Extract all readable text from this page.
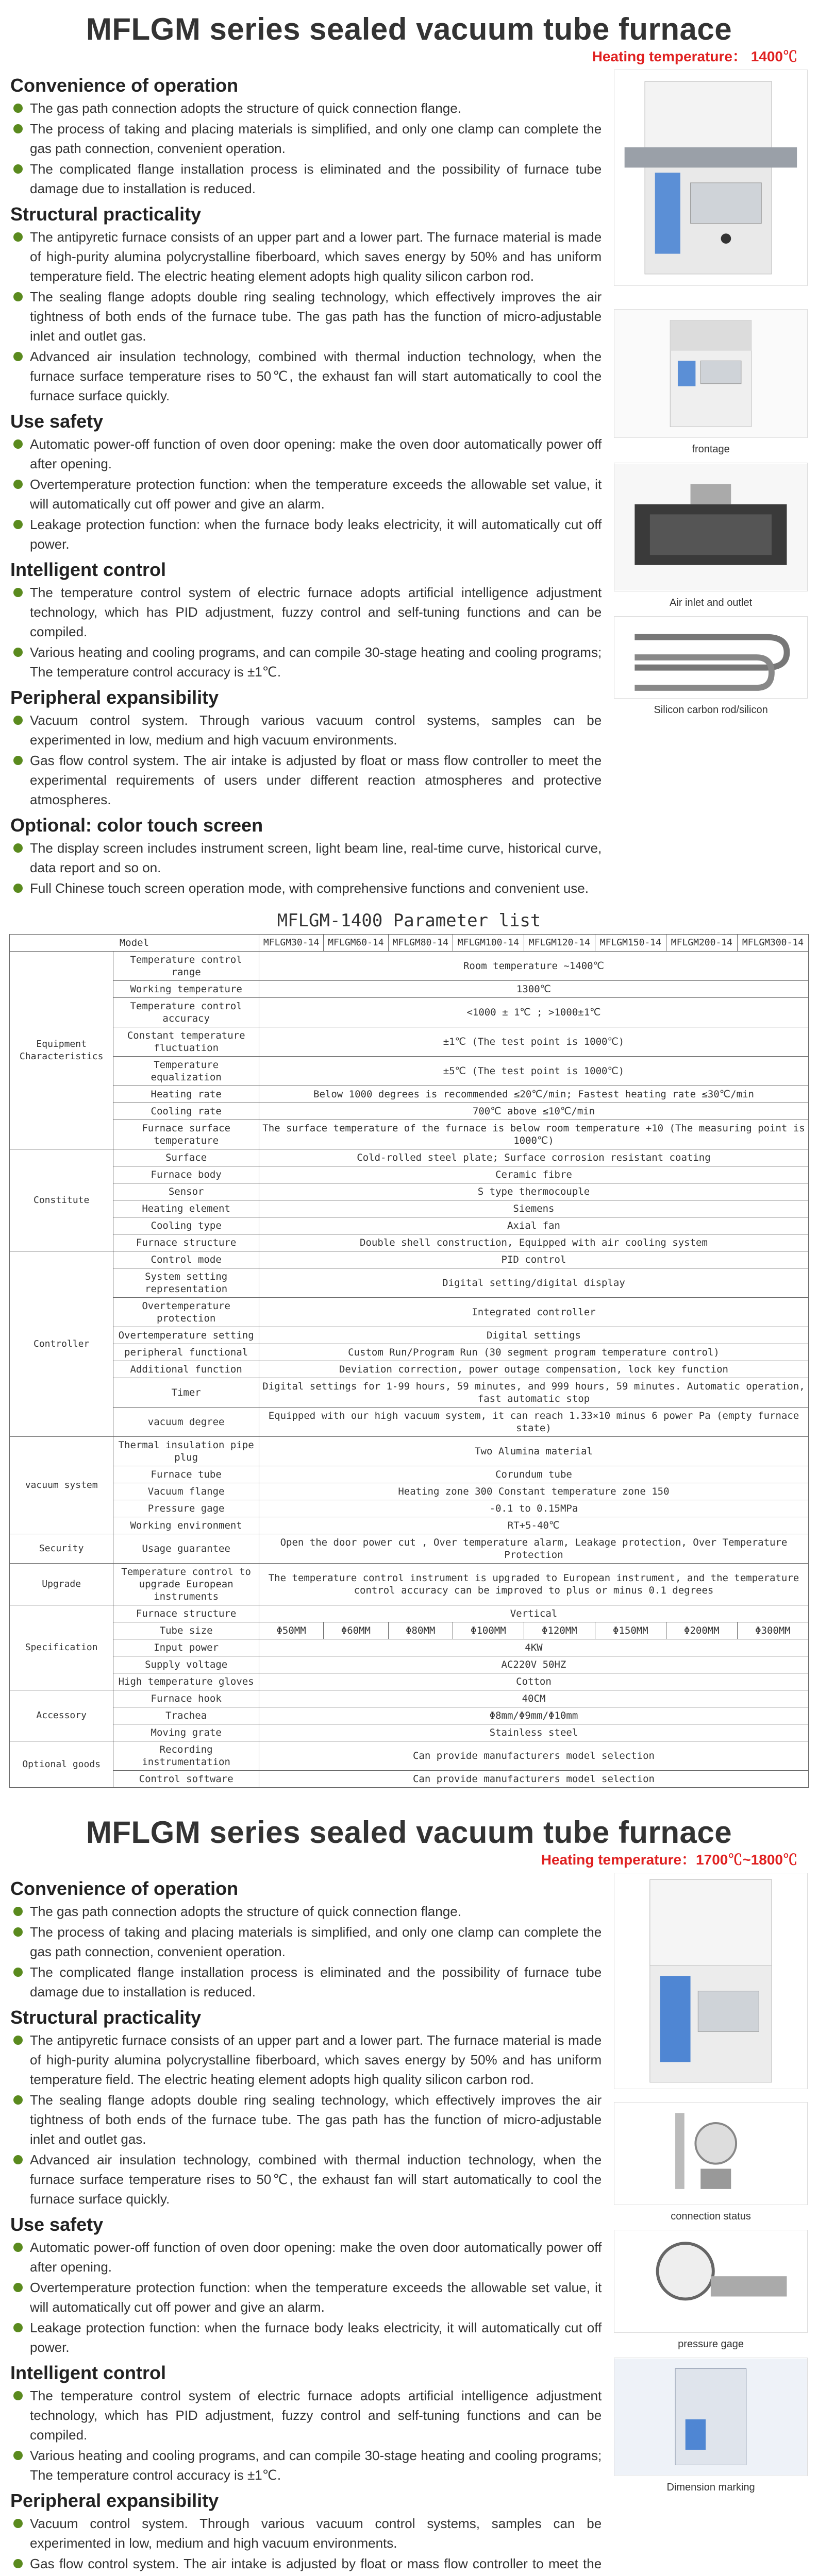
MFLGM series sealed vacuum tube furnace
Heating temperature： 1400℃
Convenience of operation
The gas path connection adopts the structure of quick connection flange.
The process of taking and placing materials is simplified, and only one clamp can complete the gas path connection, convenient operation.
The complicated flange installation process is eliminated and the possibility of furnace tube damage due to installation is reduced.
Structural practicality
The antipyretic furnace consists of an upper part and a lower part. The furnace material is made of high-purity alumina polycrystalline fiberboard, which saves energy by 50% and has uniform temperature field. The electric heating element adopts high quality silicon carbon rod.
The sealing flange adopts double ring sealing technology, which effectively improves the air tightness of both ends of the furnace tube. The gas path has the function of micro-adjustable inlet and outlet gas.
Advanced air insulation technology, combined with thermal induction technology, when the furnace surface temperature rises to 50℃, the exhaust fan will start automatically to cool the furnace surface quickly.
Use safety
Automatic power-off function of oven door opening: make the oven door automatically power off after opening.
Overtemperature protection function: when the temperature exceeds the allowable set value, it will automatically cut off power and give an alarm.
Leakage protection function: when the furnace body leaks electricity, it will automatically cut off power.
Intelligent control
The temperature control system of electric furnace adopts artificial intelligence adjustment technology, which has PID adjustment, fuzzy control and self-tuning functions and can be compiled.
Various heating and cooling programs, and can compile 30-stage heating and cooling programs; The temperature control accuracy is ±1℃.
Peripheral expansibility
Vacuum control system. Through various vacuum control systems, samples can be experimented in low, medium and high vacuum environments.
Gas flow control system. The air intake is adjusted by float or mass flow controller to meet the experimental requirements of users under different reaction atmospheres and protective atmospheres.
Optional: color touch screen
The display screen includes instrument screen, light beam line, real-time curve, historical curve, data report and so on.
Full Chinese touch screen operation mode, with comprehensive functions and convenient use.

frontage
Air inlet and outlet
Silicon carbon rod/silicon
MFLGM-1400 Parameter list
Model		MFLGM30-14	MFLGM60-14	MFLGM80-14	MFLGM100-14	MFLGM120-14	MFLGM150-14	MFLGM200-14	MFLGM300-14
Equipment Characteristics	Temperature control range	Room temperature ~1400℃							
	Working temperature	1300℃							
	Temperature control accuracy	<1000 ± 1℃ ; >1000±1℃							
	Constant temperature fluctuation	±1℃ (The test point is 1000℃)							
	Temperature equalization	±5℃ (The test point is 1000℃)							
	Heating rate	Below 1000 degrees is recommended ≤20℃/min; Fastest heating rate ≤30℃/min							
	Cooling rate	700℃ above ≤10℃/min							
	Furnace surface temperature	The surface temperature of the furnace is below room temperature +10 (The measuring point is 1000℃)							
Constitute	Surface	Cold-rolled steel plate; Surface corrosion resistant coating							
	Furnace body	Ceramic fibre							
	Sensor	S type thermocouple							
	Heating element	Siemens							
	Cooling type	Axial fan							
	Furnace structure	Double shell construction, Equipped with air cooling system							
Controller	Control mode	PID control							
	System setting representation	Digital setting/digital display							
	Overtemperature protection	Integrated controller							
	Overtemperature setting	Digital settings							
	peripheral functional	Custom Run/Program Run (30 segment program temperature control)							
	Additional function	Deviation correction, power outage compensation, lock key function							
	Timer	Digital settings for 1-99 hours, 59 minutes, and 999 hours, 59 minutes. Automatic operation, fast automatic stop							
	vacuum degree	Equipped with our high vacuum system, it can reach 1.33×10 minus 6 power Pa (empty furnace state)							
vacuum system	Thermal insulation pipe plug	Two Alumina material							
	Furnace tube	Corundum tube							
	Vacuum flange	Heating zone 300 Constant temperature zone 150							
	Pressure gage	-0.1 to 0.15MPa							
	Working environment	RT+5-40℃							
Security	Usage guarantee	Open the door power cut , Over temperature alarm, Leakage protection, Over Temperature Protection							
Upgrade	Temperature control to upgrade European instruments	The temperature control instrument is upgraded to European instrument, and the temperature control accuracy can be improved to plus or minus 0.1 degrees							
Specification	Furnace structure	Vertical							
	Tube size	Φ50MM	Φ60MM	Φ80MM	Φ100MM	Φ120MM	Φ150MM	Φ200MM	Φ300MM
	Input power	4KW							
	Supply voltage	AC220V 50HZ							
	High temperature gloves	Cotton							
Accessory	Furnace hook	40CM							
	Trachea	Φ8mm/Φ9mm/Φ10mm							
	Moving grate	Stainless steel							
Optional goods	Recording instrumentation	Can provide manufacturers model selection							
	Control software	Can provide manufacturers model selection							
MFLGM series sealed vacuum tube furnace
Heating temperature：1700℃~1800℃
Convenience of operation
The gas path connection adopts the structure of quick connection flange.
The process of taking and placing materials is simplified, and only one clamp can complete the gas path connection, convenient operation.
The complicated flange installation process is eliminated and the possibility of furnace tube damage due to installation is reduced.
Structural practicality
The antipyretic furnace consists of an upper part and a lower part. The furnace material is made of high-purity alumina polycrystalline fiberboard, which saves energy by 50% and has uniform temperature field. The electric heating element adopts high quality silicon carbon rod.
The sealing flange adopts double ring sealing technology, which effectively improves the air tightness of both ends of the furnace tube. The gas path has the function of micro-adjustable inlet and outlet gas.
Advanced air insulation technology, combined with thermal induction technology, when the furnace surface temperature rises to 50℃, the exhaust fan will start automatically to cool the furnace surface quickly.
Use safety
Automatic power-off function of oven door opening: make the oven door automatically power off after opening.
Overtemperature protection function: when the temperature exceeds the allowable set value, it will automatically cut off power and give an alarm.
Leakage protection function: when the furnace body leaks electricity, it will automatically cut off power.
Intelligent control
The temperature control system of electric furnace adopts artificial intelligence adjustment technology, which has PID adjustment, fuzzy control and self-tuning functions and can be compiled.
Various heating and cooling programs, and can compile 30-stage heating and cooling programs; The temperature control accuracy is ±1℃.
Peripheral expansibility
Vacuum control system. Through various vacuum control systems, samples can be experimented in low, medium and high vacuum environments.
Gas flow control system. The air intake is adjusted by float or mass flow controller to meet the

connection status
pressure gage
Dimension marking
